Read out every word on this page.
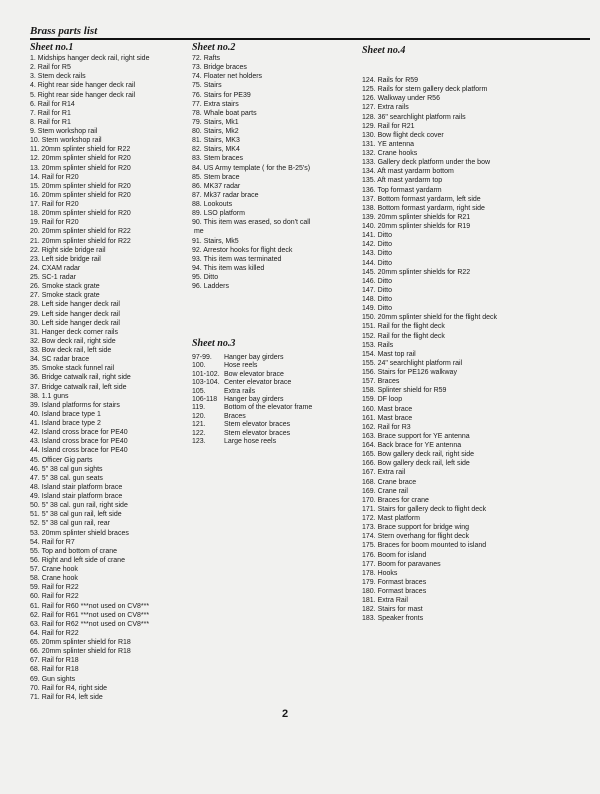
Brass parts list
Sheet no.1
1. Midships hanger deck rail, right side
2. Rail for R5
3. Stem deck rails
4. Right rear side hanger deck rail
5. Right rear side hanger deck rail
6. Rail for R14
7. Rail for R1
8. Rail for R1
9. Stem workshop rail
10. Stern workshop rail
11. 20mm splinter shield for R22
12. 20mm splinter shield for R20
13. 20mm splinter shield for R20
14. Rail for R20
15. 20mm splinter shield for R20
16. 20mm splinter shield for R20
17. Rail for R20
18. 20mm splinter shield for R20
19. Rail for R20
20. 20mm splinter shield for R22
21. 20mm splinter shield for R22
22. Right side bridge rail
23. Left side bridge rail
24. CXAM radar
25. SC-1 radar
26. Smoke stack grate
27. Smoke stack grate
28. Left side hanger deck rail
29. Left side hanger deck rail
30. Left side hanger deck rail
31. Hanger deck corner rails
32. Bow deck rail, right side
33. Bow deck rail, left side
34. SC radar brace
35. Smoke stack funnel rail
36. Bridge catwalk rail, right side
37. Bridge catwalk rail, left side
38. 1.1 guns
39. Island platforms for stairs
40. Island brace type 1
41. Island brace type 2
42. Island cross brace for PE40
43. Island cross brace for PE40
44. Island cross brace for PE40
45. Officer Gig parts
46. 5" 38 cal gun sights
47. 5" 38 cal. gun seats
48. Island stair platform brace
49. Island stair platform brace
50. 5" 38 cal. gun rail, right side
51. 5" 38 cal gun rail, left side
52. 5" 38 cal gun rail, rear
53. 20mm splinter shield braces
54. Rail for R7
55. Top and bottom of crane
56. Right and left side of crane
57. Crane hook
58. Crane hook
59. Rail for R22
60. Rail for R22
61. Rail for R60 ***not used on CV8***
62. Rail for R61 ***not used on CV8***
63. Rail for R62 ***not used on CV8***
64. Rail for R22
65. 20mm splinter shield for R18
66. 20mm splinter shield for R18
67. Rail for R18
68. Rail for R18
69. Gun sights
70. Rail for R4, right side
71. Rail for R4, left side
Sheet no.2
72. Rafts
73. Bridge braces
74. Floater net holders
75. Stairs
76. Stairs for PE39
77. Extra stairs
78. Whale boat parts
79. Stairs, Mk1
80. Stairs, Mk2
81. Stairs, MK3
82. Stairs, MK4
83. Stem braces
84. US Army template ( for the B-25's)
85. Stem brace
86. MK37 radar
87. Mk37 radar brace
88. Lookouts
89. LSO platform
90. This item was erased, so don't call
me
91. Stairs, Mk5
92. Arrestor hooks for flight deck
93. This item was terminated
94. This item was killed
95. Ditto
96. Ladders
Sheet no.3
97-99. Hanger bay girders
100.	Hose reels
101-102. Bow elevator brace
103-104. Center elevator brace
105.	Extra rails
106-118 Hanger bay girders
119.	Bottom of the elevator frame
120.	Braces
121.	Stem elevator braces
122.	Stem elevator braces
123.	Large hose reels
Sheet no.4
124. Rails for R59
125. Rails for stern gallery deck platform
126. Walkway under R56
127. Extra rails
128. 36" searchlight platform rails
129. Rail for R21
130. Bow flight deck cover
131. YE antenna
132. Crane hooks
133. Gallery deck platform under the bow
134. Aft mast yardarm bottom
135. Aft mast yardarm top
136. Top formast yardarm
137. Bottom formast yardarm, left side
138. Bottom formast yardarm, right side
139. 20mm splinter shields for R21
140. 20mm splinter shields for R19
141. Ditto
142. Ditto
143. Ditto
144. Ditto
145. 20mm splinter shields for R22
146. Ditto
147. Ditto
148. Ditto
149. Ditto
150. 20mm splinter shield for the flight deck
151. Rail for the flight deck
152. Rail for the flight deck
153. Rails
154. Mast top rail
155. 24" searchlight platform rail
156. Stairs for PE126 walkway
157. Braces
158. Splinter shield for R59
159. DF loop
160. Mast brace
161. Mast brace
162. Rail for R3
163. Brace support for YE antenna
164. Back brace for YE antenna
165. Bow gallery deck rail, right side
166. Bow gallery deck rail, left side
167. Extra rail
168. Crane brace
169. Crane rail
170. Braces for crane
171. Stairs for gallery deck to flight deck
172. Mast platform
173. Brace support for bridge wing
174. Stern overhang for flight deck
175. Braces for boom mounted to island
176. Boom for island
177. Boom for paravanes
178. Hooks
179. Formast braces
180. Formast braces
181. Extra Rail
182. Stairs for mast
183. Speaker fronts
2
